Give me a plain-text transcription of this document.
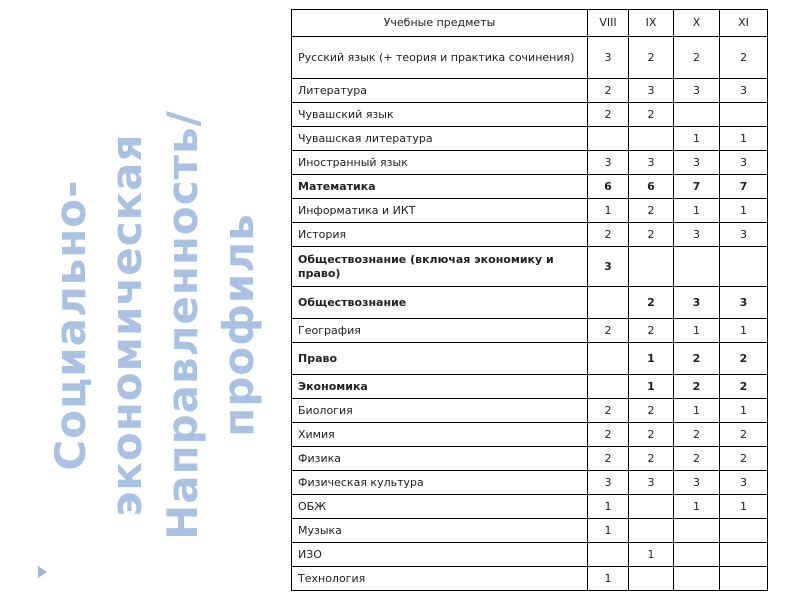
Социально- экономическая Направленность/ профиль
Учебные предметы	VIII	IX	X	XI
Русский язык (+ теория и практика сочинения)	3	2	2	2
Литература	2	3	3	3
Чувашский язык	2	2		
Чувашская литература			1	1
Иностранный язык	3	3	3	3
Математика	6	6	7	7
Информатика и ИКТ	1	2	1	1
История	2	2	3	3
Обществознание (включая экономику и право)	3			
Обществознание		2	3	3
География	2	2	1	1
Право		1	2	2
Экономика		1	2	2
Биология	2	2	1	1
Химия	2	2	2	2
Физика	2	2	2	2
Физическая культура	3	3	3	3
ОБЖ	1		1	1
Музыка	1			
ИЗО		1		
Технология	1			
